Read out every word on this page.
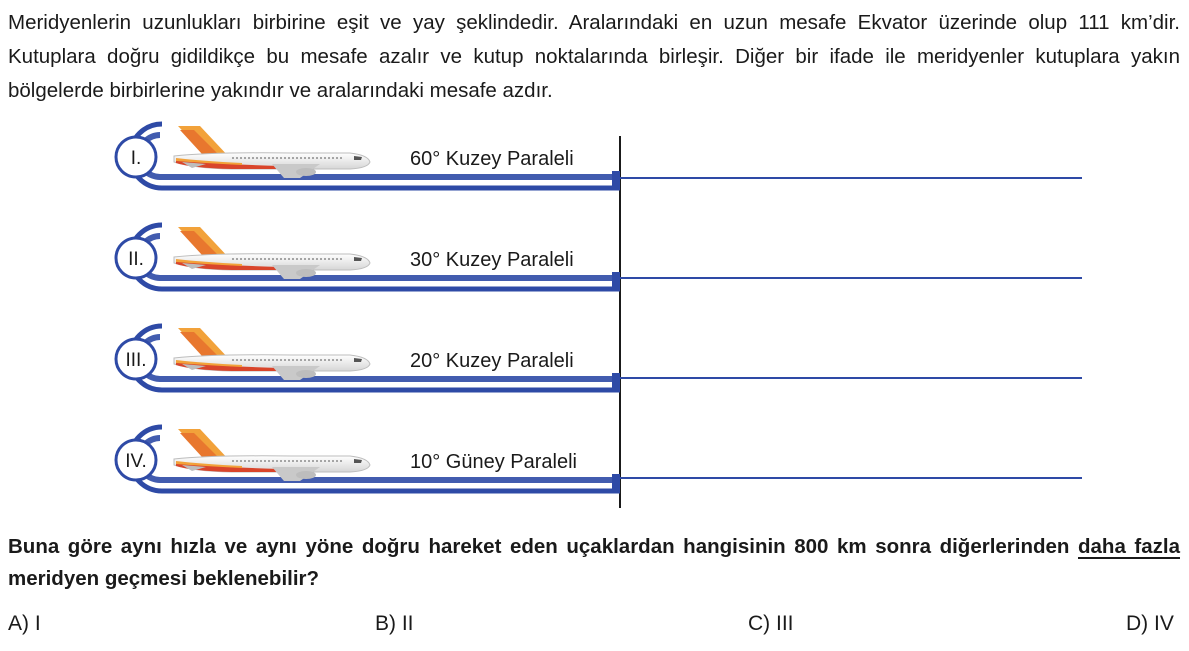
Meridyenlerin uzunlukları birbirine eşit ve yay şeklindedir. Aralarındaki en uzun mesafe Ekvator üzerinde olup 111 km’dir. Kutuplara doğru gidildikçe bu mesafe azalır ve kutup noktalarında birleşir. Diğer bir ifade ile meridyenler kutuplara yakın bölgelerde birbirlerine yakındır ve aralarındaki mesafe azdır.
I.	60° Kuzey Paraleli
II.	30° Kuzey Paraleli
III.	20° Kuzey Paraleli
IV.	10° Güney Paraleli
Buna göre aynı hızla ve aynı yöne doğru hareket eden uçaklardan hangisinin 800 km sonra diğerlerinden daha fazla meridyen geçmesi beklenebilir?
A) I	B) II	C) III	D) IV
